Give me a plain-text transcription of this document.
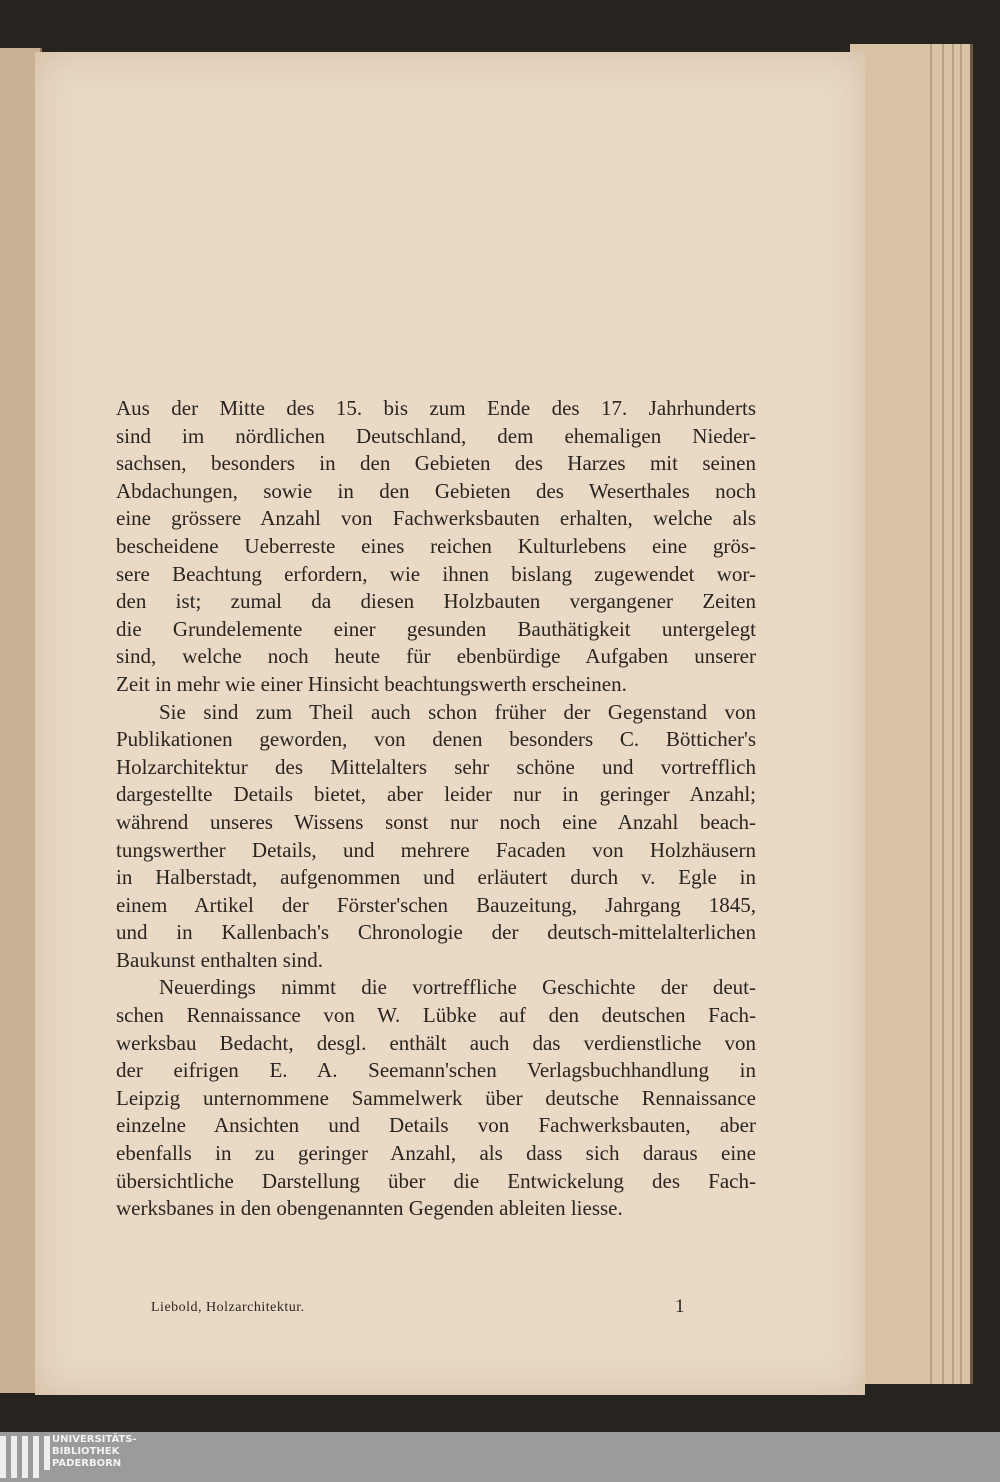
Aus der Mitte des 15. bis zum Ende des 17. Jahrhunderts
sind im nördlichen Deutschland, dem ehemaligen Nieder-
sachsen, besonders in den Gebieten des Harzes mit seinen
Abdachungen, sowie in den Gebieten des Weserthales noch
eine grössere Anzahl von Fachwerksbauten erhalten, welche als
bescheidene Ueberreste eines reichen Kulturlebens eine grös-
sere Beachtung erfordern, wie ihnen bislang zugewendet wor-
den ist; zumal da diesen Holzbauten vergangener Zeiten
die Grundelemente einer gesunden Bauthätigkeit untergelegt
sind, welche noch heute für ebenbürdige Aufgaben unserer
Zeit in mehr wie einer Hinsicht beachtungswerth erscheinen.
Sie sind zum Theil auch schon früher der Gegenstand von
Publikationen geworden, von denen besonders C. Bötticher's
Holzarchitektur des Mittelalters sehr schöne und vortrefflich
dargestellte Details bietet, aber leider nur in geringer Anzahl;
während unseres Wissens sonst nur noch eine Anzahl beach-
tungswerther Details, und mehrere Facaden von Holzhäusern
in Halberstadt, aufgenommen und erläutert durch v. Egle in
einem Artikel der Förster'schen Bauzeitung, Jahrgang 1845,
und in Kallenbach's Chronologie der deutsch-mittelalterlichen
Baukunst enthalten sind.
Neuerdings nimmt die vortreffliche Geschichte der deut-
schen Rennaissance von W. Lübke auf den deutschen Fach-
werksbau Bedacht, desgl. enthält auch das verdienstliche von
der eifrigen E. A. Seemann'schen Verlagsbuchhandlung in
Leipzig unternommene Sammelwerk über deutsche Rennaissance
einzelne Ansichten und Details von Fachwerksbauten, aber
ebenfalls in zu geringer Anzahl, als dass sich daraus eine
übersichtliche Darstellung über die Entwickelung des Fach-
werksbanes in den obengenannten Gegenden ableiten liesse.
Liebold, Holzarchitektur.	1
UNIVERSITÄTS-
BIBLIOTHEK
PADERBORN
